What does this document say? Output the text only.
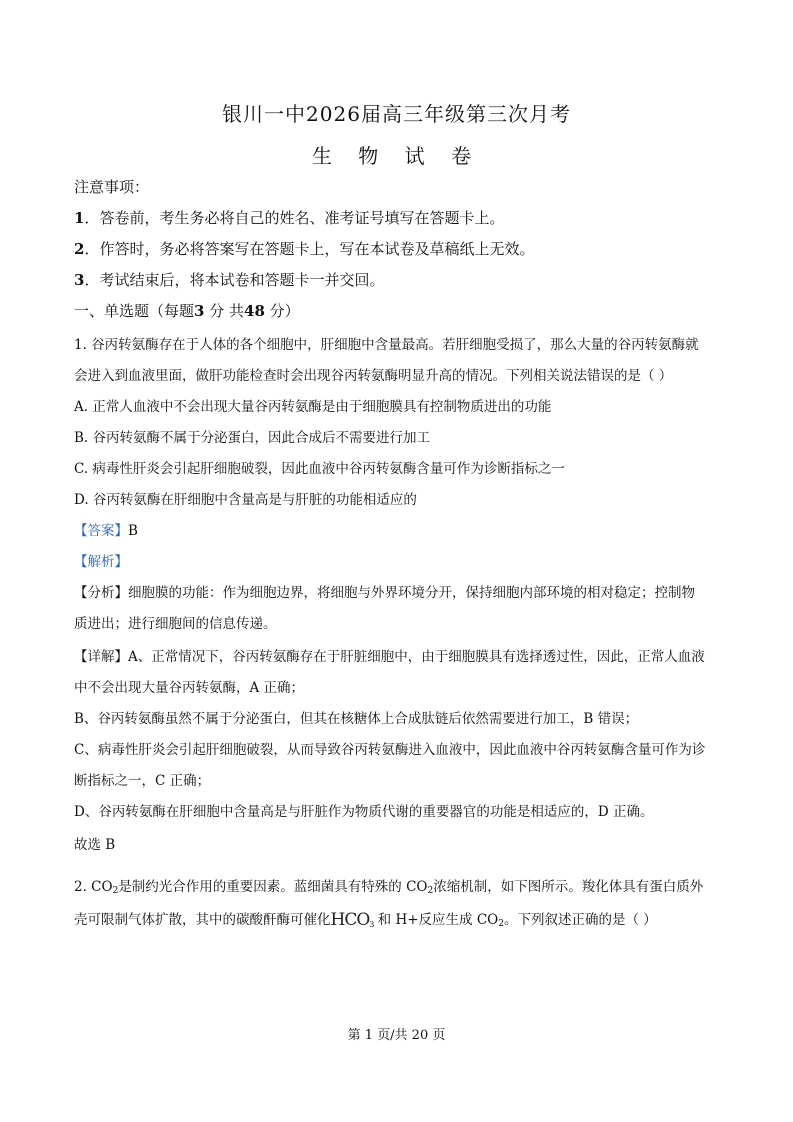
银川一中2026届高三年级第三次月考
生 物 试 卷
注意事项：
1．答卷前，考生务必将自己的姓名、准考证号填写在答题卡上。
2．作答时，务必将答案写在答题卡上，写在本试卷及草稿纸上无效。
3．考试结束后，将本试卷和答题卡一并交回。
一、单选题（每题3 分 共48 分）
1. 谷丙转氨酶存在于人体的各个细胞中，肝细胞中含量最高。若肝细胞受损了，那么大量的谷丙转氨酶就
会进入到血液里面，做肝功能检查时会出现谷丙转氨酶明显升高的情况。下列相关说法错误的是（ ）
A. 正常人血液中不会出现大量谷丙转氨酶是由于细胞膜具有控制物质进出的功能
B. 谷丙转氨酶不属于分泌蛋白，因此合成后不需要进行加工
C. 病毒性肝炎会引起肝细胞破裂，因此血液中谷丙转氨酶含量可作为诊断指标之一
D. 谷丙转氨酶在肝细胞中含量高是与肝脏的功能相适应的
【答案】B
【解析】
【分析】细胞膜的功能：作为细胞边界，将细胞与外界环境分开，保持细胞内部环境的相对稳定；控制物
质进出；进行细胞间的信息传递。
【详解】A、正常情况下，谷丙转氨酶存在于肝脏细胞中，由于细胞膜具有选择透过性，因此，正常人血液
中不会出现大量谷丙转氨酶，A 正确；
B、谷丙转氨酶虽然不属于分泌蛋白，但其在核糖体上合成肽链后依然需要进行加工，B 错误；
C、病毒性肝炎会引起肝细胞破裂，从而导致谷丙转氨酶进入血液中，因此血液中谷丙转氨酶含量可作为诊
断指标之一，C 正确；
D、谷丙转氨酶在肝细胞中含量高是与肝脏作为物质代谢的重要器官的功能是相适应的，D 正确。
故选 B
2. $CO_2$是制约光合作用的重要因素。蓝细菌具有特殊的 $CO_2$浓缩机制，如下图所示。羧化体具有蛋白质外
壳可限制气体扩散，其中的碳酸酐酶可催化$HCO_3$ 和 H+反应生成 $CO_2$。下列叙述正确的是（ ）
第 1 页/共 20 页
